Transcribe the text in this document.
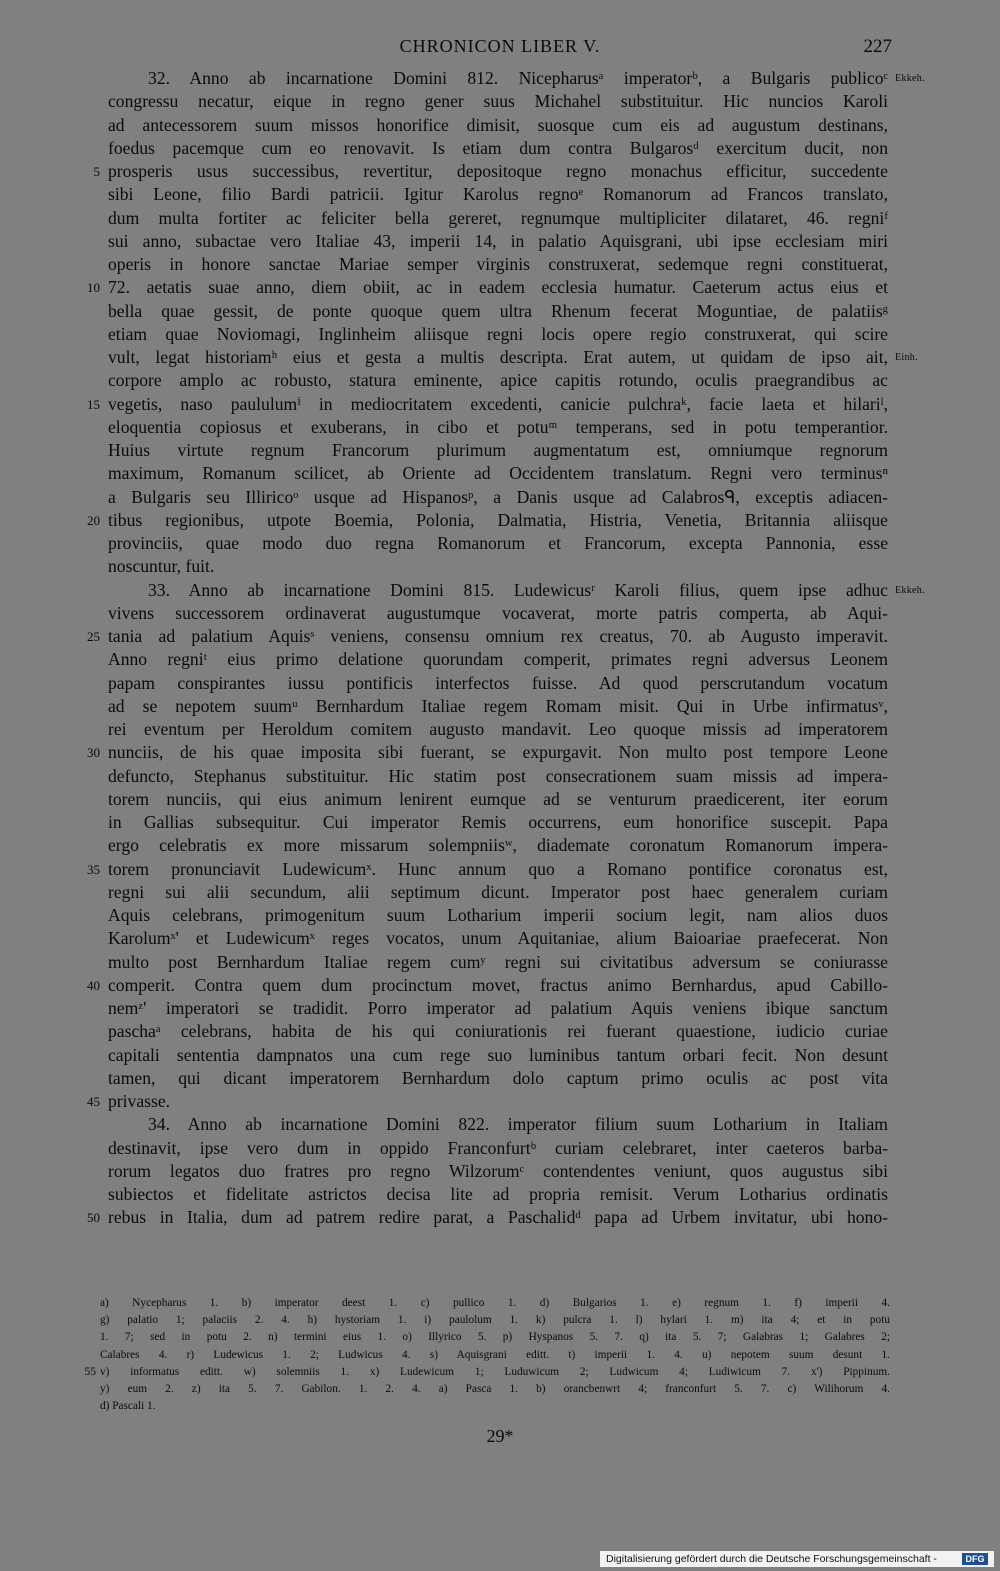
CHRONICON LIBER V.	227
32. Anno ab incarnatione Domini 812. Nicepharusᵃ imperatorᵇ, a Bulgaris publicoᶜ Ekkeh.
congressu necatur, eique in regno gener suus Michahel substituitur. Hic nuncios Karoli
ad antecessorem suum missos honorifice dimisit, suosque cum eis ad augustum destinans,
foedus pacemque cum eo renovavit. Is etiam dum contra Bulgarosᵈ exercitum ducit, non
5 prosperis usus successibus, revertitur, depositoque regno monachus efficitur, succedente
sibi Leone, filio Bardi patricii. Igitur Karolus regnoᵉ Romanorum ad Francos translato,
dum multa fortiter ac feliciter bella gereret, regnumque multipliciter dilataret, 46. regniᶠ
sui anno, subactae vero Italiae 43, imperii 14, in palatio Aquisgrani, ubi ipse ecclesiam miri
operis in honore sanctae Mariae semper virginis construxerat, sedemque regni constituerat,
10 72. aetatis suae anno, diem obiit, ac in eadem ecclesia humatur. Caeterum actus eius et
bella quae gessit, de ponte quoque quem ultra Rhenum fecerat Moguntiae, de palatiisᵍ
etiam quae Noviomagi, Inglinheim aliisque regni locis opere regio construxerat, qui scire
vult, legat historiamʰ eius et gesta a multis descripta. Erat autem, ut quidam de ipso ait, Einh.
corpore amplo ac robusto, statura eminente, apice capitis rotundo, oculis praegrandibus ac
15 vegetis, naso paululumⁱ in mediocritatem excedenti, canicie pulchraᵏ, facie laeta et hilariˡ,
eloquentia copiosus et exuberans, in cibo et potuᵐ temperans, sed in potu temperantior.
Huius virtute regnum Francorum plurimum augmentatum est, omniumque regnorum
maximum, Romanum scilicet, ab Oriente ad Occidentem translatum. Regni vero terminusⁿ
a Bulgaris seu Illiricoᵒ usque ad Hispanosᵖ, a Danis usque ad Calabrosᑫ, exceptis adiacen-
20 tibus regionibus, utpote Boemia, Polonia, Dalmatia, Histria, Venetia, Britannia aliisque
provinciis, quae modo duo regna Romanorum et Francorum, excepta Pannonia, esse
noscuntur, fuit.
33. Anno ab incarnatione Domini 815. Ludewicusʳ Karoli filius, quem ipse adhuc Ekkeh.
vivens successorem ordinaverat augustumque vocaverat, morte patris comperta, ab Aqui-
25 tania ad palatium Aquisˢ veniens, consensu omnium rex creatus, 70. ab Augusto imperavit.
Anno regniᵗ eius primo delatione quorundam comperit, primates regni adversus Leonem
papam conspirantes iussu pontificis interfectos fuisse. Ad quod perscrutandum vocatum
ad se nepotem suumᵘ Bernhardum Italiae regem Romam misit. Qui in Urbe infirmatusᵛ,
rei eventum per Heroldum comitem augusto mandavit. Leo quoque missis ad imperatorem
30 nunciis, de his quae imposita sibi fuerant, se expurgavit. Non multo post tempore Leone
defuncto, Stephanus substituitur. Hic statim post consecrationem suam missis ad impera-
torem nunciis, qui eius animum lenirent eumque ad se venturum praedicerent, iter eorum
in Gallias subsequitur. Cui imperator Remis occurrens, eum honorifice suscepit. Papa
ergo celebratis ex more missarum solempniisʷ, diademate coronatum Romanorum impera-
35 torem pronunciavit Ludewicumˣ. Hunc annum quo a Romano pontifice coronatus est,
regni sui alii secundum, alii septimum dicunt. Imperator post haec generalem curiam
Aquis celebrans, primogenitum suum Lotharium imperii socium legit, nam alios duos
Karolumˣ' et Ludewicumˣ reges vocatos, unum Aquitaniae, alium Baioariae praefecerat. Non
multo post Bernhardum Italiae regem cumʸ regni sui civitatibus adversum se coniurasse
40 comperit. Contra quem dum procinctum movet, fractus animo Bernhardus, apud Cabillo-
nemᶻ' imperatori se tradidit. Porro imperator ad palatium Aquis veniens ibique sanctum
paschaᵃ celebrans, habita de his qui coniurationis rei fuerant quaestione, iudicio curiae
capitali sententia dampnatos una cum rege suo luminibus tantum orbari fecit. Non desunt
tamen, qui dicant imperatorem Bernhardum dolo captum primo oculis ac post vita
45 privasse.
34. Anno ab incarnatione Domini 822. imperator filium suum Lotharium in Italiam
destinavit, ipse vero dum in oppido Franconfurtᵇ curiam celebraret, inter caeteros barba-
rorum legatos duo fratres pro regno Wilzorumᶜ contendentes veniunt, quos augustus sibi
subiectos et fidelitate astrictos decisa lite ad propria remisit. Verum Lotharius ordinatis
50 rebus in Italia, dum ad patrem redire parat, a Paschalidᵈ papa ad Urbem invitatur, ubi hono-
a) Nycepharus 1. b) imperator deest 1. c) pullico 1. d) Bulgarios 1. e) regnum 1. f) imperii 4.
g) palatio 1; palaciis 2. 4. h) hystoriam 1. i) paulolum 1. k) pulcra 1. l) hylari 1. m) ita 4; et in potu
1. 7; sed in potu 2. n) termini eius 1. o) Illyrico 5. p) Hyspanos 5. 7. q) ita 5. 7; Galabras 1; Galabres 2;
Calabres 4. r) Ludewicus 1. 2; Ludwicus 4. s) Aquisgrani editt. t) imperii 1. 4. u) nepotem suum desunt 1.
55 v) informatus editt. w) solemniis 1. x) Ludewicum 1; Luduwicum 2; Ludwicum 4; Ludiwicum 7. x') Pippinum.
y) eum 2. z) ita 5. 7. Gabilon. 1. 2. 4. a) Pasca 1. b) orancbenwrt 4; franconfurt 5. 7. c) Wilihorum 4.
d) Pascali 1.
29*
Digitalisierung gefördert durch die Deutsche Forschungsgemeinschaft -	DFG
